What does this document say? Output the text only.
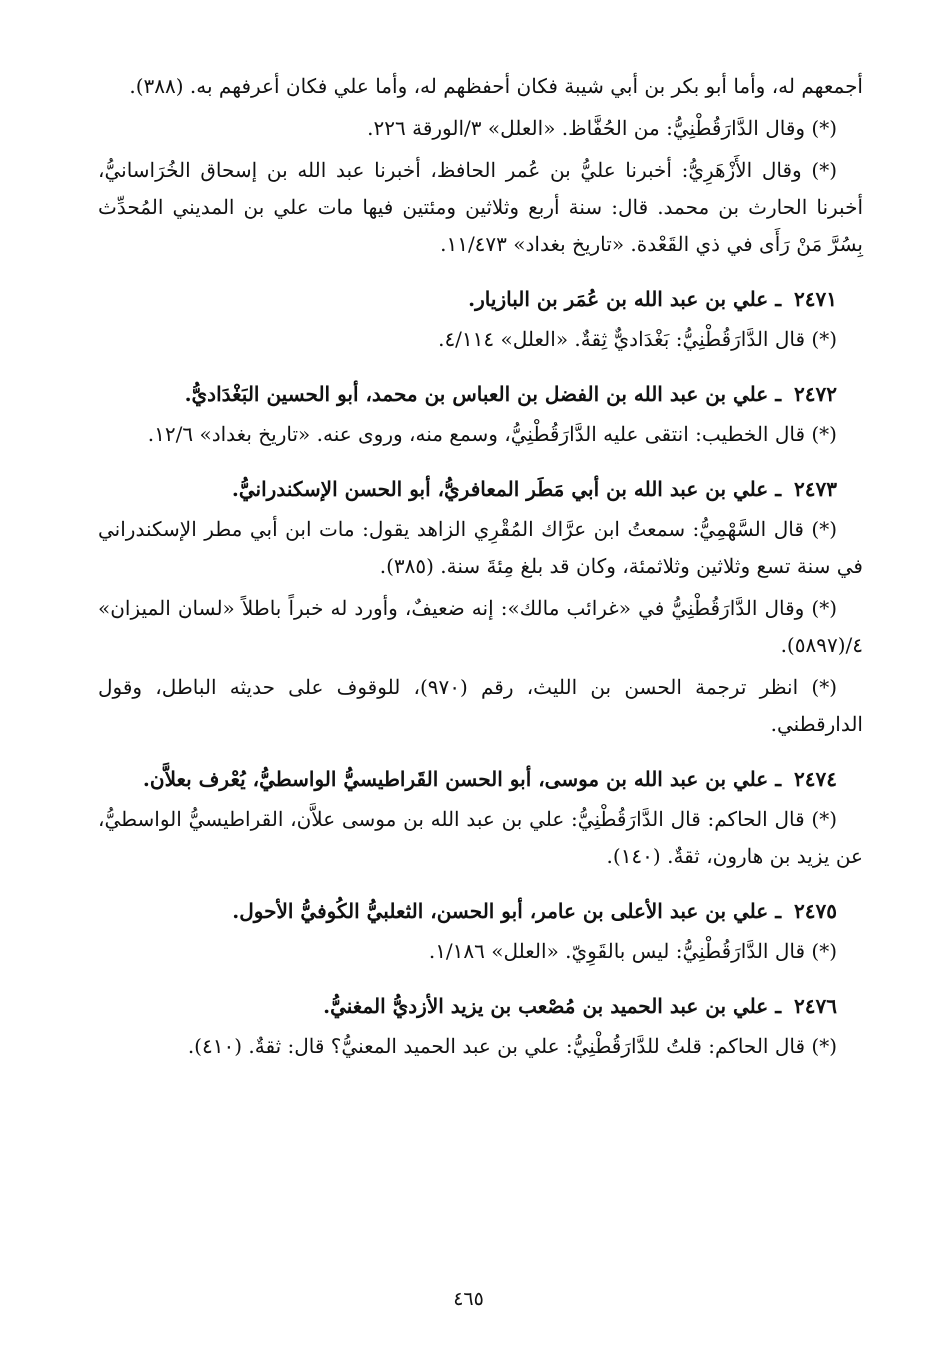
أجمعهم له، وأما أبو بكر بن أبي شيبة فكان أحفظهم له، وأما علي فكان أعرفهم به. (٣٨٨).

(*) وقال الدَّارَقُطْنِيُّ: من الحُفَّاظ. «العلل» ٣/الورقة ٢٢٦.

(*) وقال الأَزْهَرِيُّ: أخبرنا عليُّ بن عُمر الحافظ، أخبرنا عبد الله بن إسحاق الخُرَاسانيُّ، أخبرنا الحارث بن محمد. قال: سنة أربع وثلاثين ومئتين فيها مات علي بن المديني المُحدِّث بِسُرَّ مَنْ رَأَى في ذي القَعْدة. «تاريخ بغداد» ١١/٤٧٣.

٢٤٧١ ـ علي بن عبد الله بن عُمَر بن البازيار.

(*) قال الدَّارَقُطْنِيُّ: بَغْدَاديٌّ ثِقةٌ. «العلل» ٤/١١٤.

٢٤٧٢ ـ علي بن عبد الله بن الفضل بن العباس بن محمد، أبو الحسين البَغْدَاديُّ.

(*) قال الخطيب: انتقى عليه الدَّارَقُطْنِيُّ، وسمع منه، وروى عنه. «تاريخ بغداد» ١٢/٦.

٢٤٧٣ ـ علي بن عبد الله بن أبي مَطَر المعافريُّ، أبو الحسن الإسكندرانيُّ.

(*) قال السَّهْمِيُّ: سمعتُ ابن عرَّاك المُقْرِي الزاهد يقول: مات ابن أبي مطر الإسكندراني في سنة تسع وثلاثين وثلاثمئة، وكان قد بلغ مِئةَ سنة. (٣٨٥).

(*) وقال الدَّارَقُطْنِيُّ في «غرائب مالك»: إنه ضعيفٌ، وأورد له خبراً باطلاً «لسان الميزان» ٤/(٥٨٩٧).

(*) انظر ترجمة الحسن بن الليث، رقم (٩٧٠)، للوقوف على حديثه الباطل، وقول الدارقطني.

٢٤٧٤ ـ علي بن عبد الله بن موسى، أبو الحسن القَراطيسيُّ الواسطيُّ، يُعْرف بعلاَّن.

(*) قال الحاكم: قال الدَّارَقُطْنِيُّ: علي بن عبد الله بن موسى علاَّن، القراطيسيُّ الواسطيُّ، عن يزيد بن هارون، ثقةٌ. (١٤٠).

٢٤٧٥ ـ علي بن عبد الأعلى بن عامر، أبو الحسن، الثعلبيُّ الكُوفيُّ الأحول.

(*) قال الدَّارَقُطْنِيُّ: ليس بالقَوِيّ. «العلل» ١/١٨٦.

٢٤٧٦ ـ علي بن عبد الحميد بن مُصْعب بن يزيد الأزديُّ المغنيُّ.

(*) قال الحاكم: قلتُ للدَّارَقُطْنِيُّ: علي بن عبد الحميد المعنيُّ؟ قال: ثقةٌ. (٤١٠).

٤٦٥
